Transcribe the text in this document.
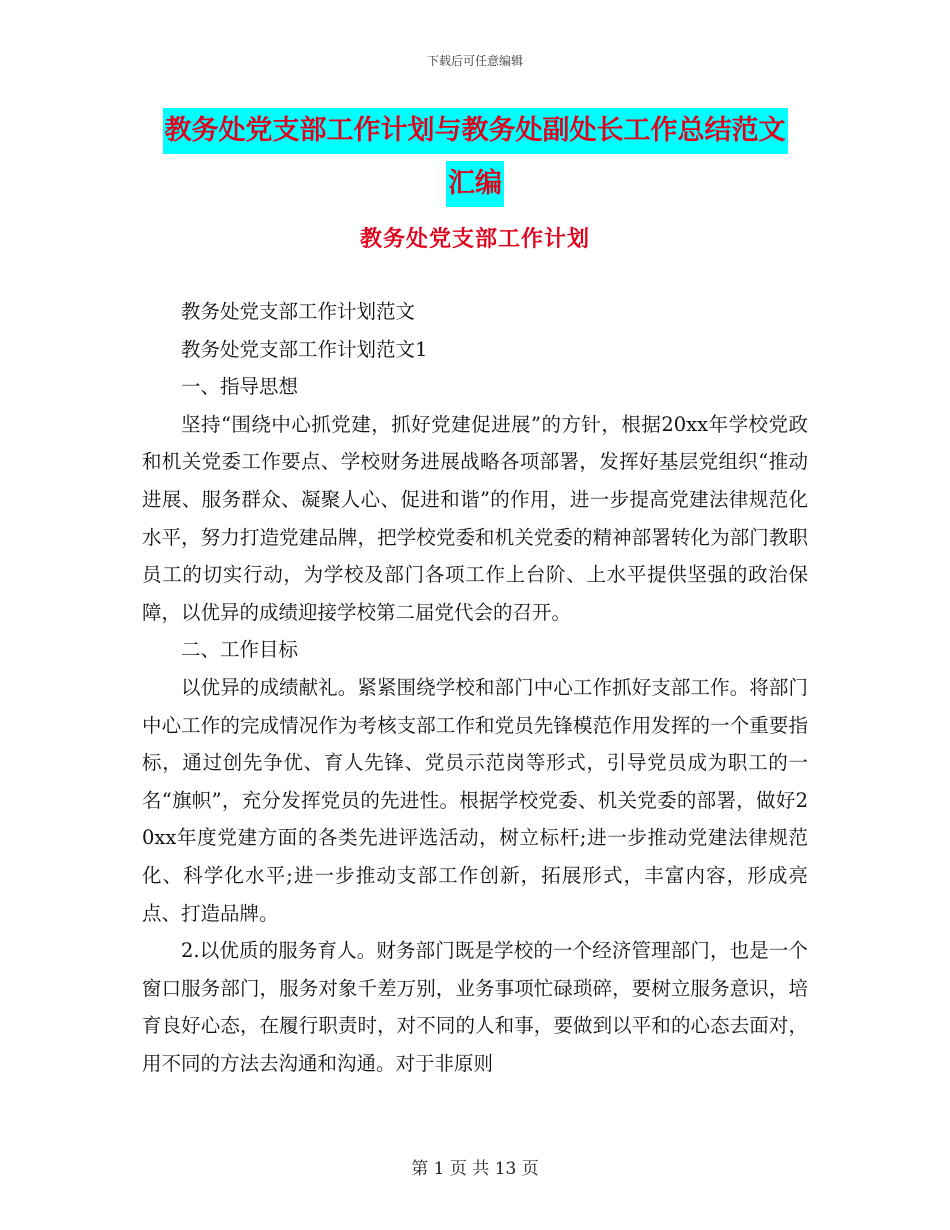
下载后可任意编辑
教务处党支部工作计划与教务处副处长工作总结范文
汇编
教务处党支部工作计划

教务处党支部工作计划范文

教务处党支部工作计划范文1

一、指导思想

坚持“围绕中心抓党建，抓好党建促进展”的方针，根据20xx年学校党政和机关党委工作要点、学校财务进展战略各项部署，发挥好基层党组织“推动进展、服务群众、凝聚人心、促进和谐”的作用，进一步提高党建法律规范化水平，努力打造党建品牌，把学校党委和机关党委的精神部署转化为部门教职员工的切实行动，为学校及部门各项工作上台阶、上水平提供坚强的政治保障，以优异的成绩迎接学校第二届党代会的召开。

二、工作目标

以优异的成绩献礼。紧紧围绕学校和部门中心工作抓好支部工作。将部门中心工作的完成情况作为考核支部工作和党员先锋模范作用发挥的一个重要指标，通过创先争优、育人先锋、党员示范岗等形式，引导党员成为职工的一名“旗帜”，充分发挥党员的先进性。根据学校党委、机关党委的部署，做好20xx年度党建方面的各类先进评选活动，树立标杆;进一步推动党建法律规范化、科学化水平;进一步推动支部工作创新，拓展形式，丰富内容，形成亮点、打造品牌。

2.以优质的服务育人。财务部门既是学校的一个经济管理部门，也是一个窗口服务部门，服务对象千差万别，业务事项忙碌琐碎，要树立服务意识，培育良好心态，在履行职责时，对不同的人和事，要做到以平和的心态去面对，用不同的方法去沟通和沟通。对于非原则

第 1 页 共 13 页
